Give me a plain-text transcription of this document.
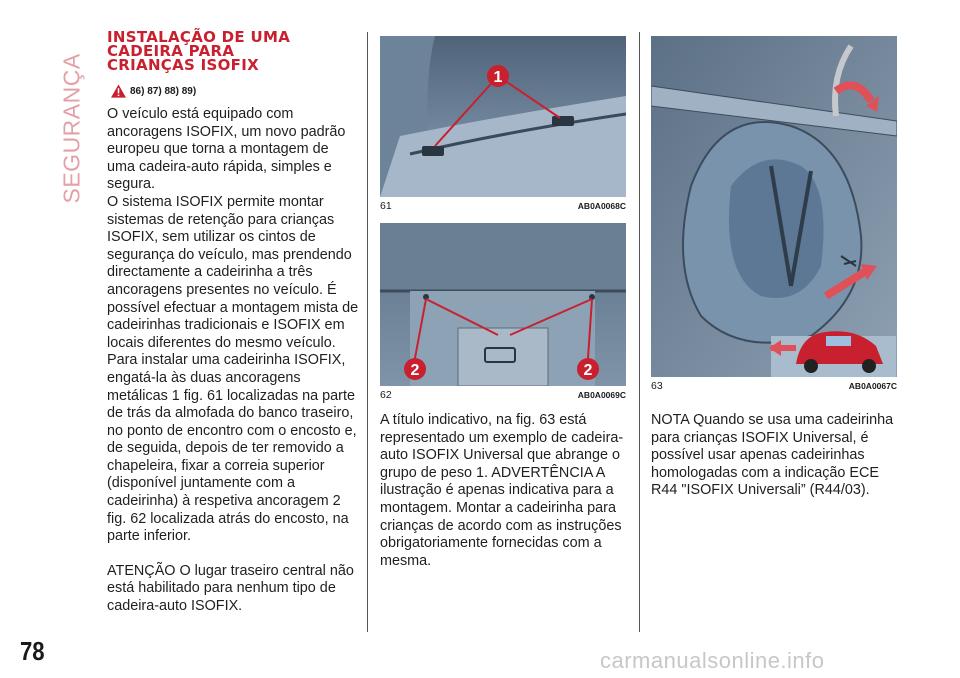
SEGURANÇA
INSTALAÇÃO DE UMA
CADEIRA PARA
CRIANÇAS ISOFIX
86) 87) 88) 89)

O veículo está equipado com ancoragens ISOFIX, um novo padrão europeu que torna a montagem de uma cadeira-auto rápida, simples e segura.

O sistema ISOFIX permite montar sistemas de retenção para crianças ISOFIX, sem utilizar os cintos de segurança do veículo, mas prendendo directamente a cadeirinha a três ancoragens presentes no veículo. É possível efectuar a montagem mista de cadeirinhas tradicionais e ISOFIX em locais diferentes do mesmo veículo.

Para instalar uma cadeirinha ISOFIX, engatá-la às duas ancoragens metálicas 1 fig. 61 localizadas na parte de trás da almofada do banco traseiro, no ponto de encontro com o encosto e, de seguida, depois de ter removido a chapeleira, fixar a correia superior (disponível juntamente com a cadeirinha) à respetiva ancoragem 2 fig. 62 localizada atrás do encosto, na parte inferior.

ATENÇÃO O lugar traseiro central não está habilitado para nenhum tipo de cadeira-auto ISOFIX.

1
61	AB0A0068C
2	2
62	AB0A0069C

A título indicativo, na fig. 63 está representado um exemplo de cadeira-auto ISOFIX Universal que abrange o grupo de peso 1. ADVERTÊNCIA A ilustração é apenas indicativa para a montagem. Montar a cadeirinha para crianças de acordo com as instruções obrigatoriamente fornecidas com a mesma.

63	AB0A0067C

NOTA Quando se usa uma cadeirinha para crianças ISOFIX Universal, é possível usar apenas cadeirinhas homologadas com a indicação ECE R44 "ISOFIX Universali” (R44/03).

78	carmanualsonline.info
